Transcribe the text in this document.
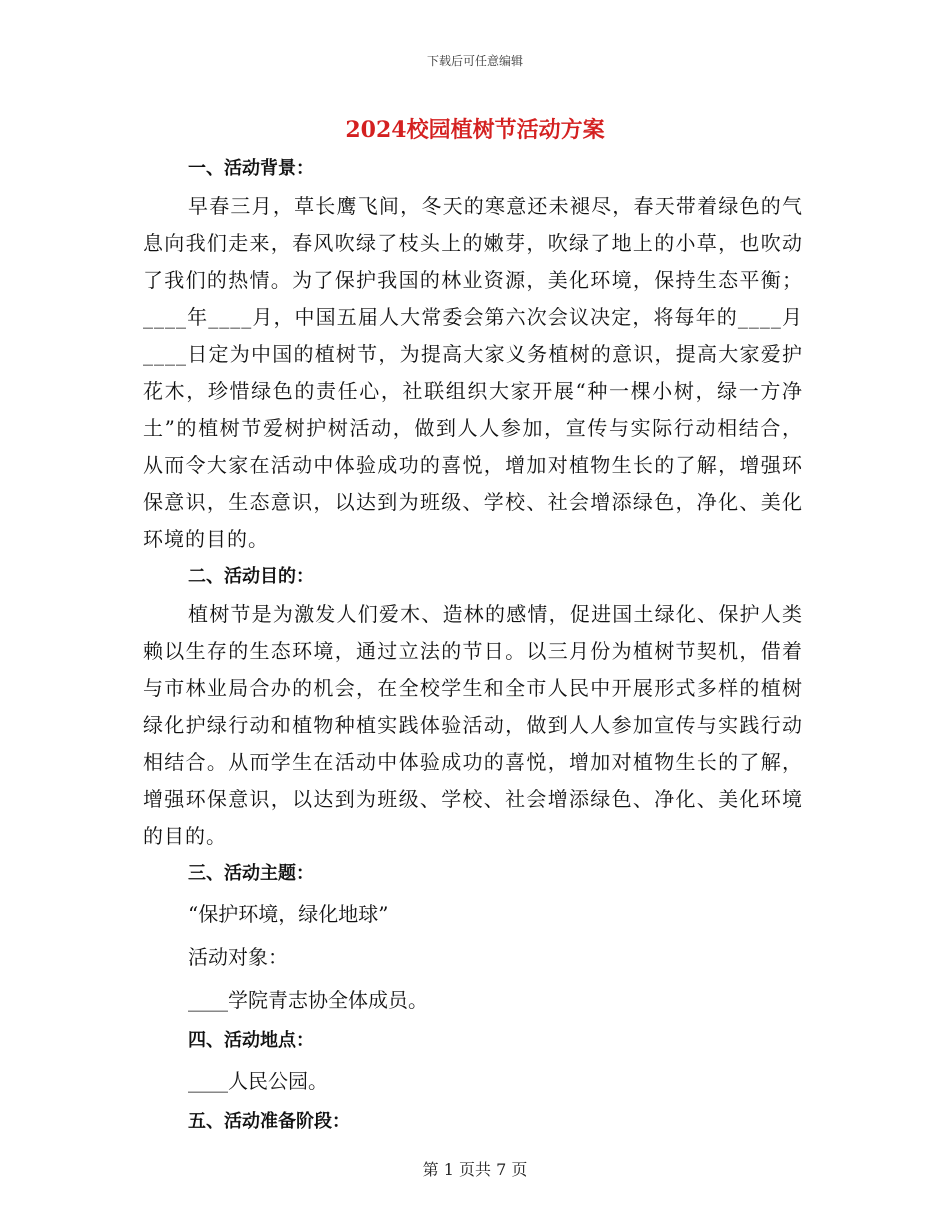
下载后可任意编辑
2024校园植树节活动方案

一、活动背景：

早春三月，草长鹰飞间，冬天的寒意还未褪尽，春天带着绿色的气息向我们走来，春风吹绿了枝头上的嫩芽，吹绿了地上的小草，也吹动了我们的热情。为了保护我国的林业资源，美化环境，保持生态平衡；____年____月，中国五届人大常委会第六次会议决定，将每年的____月____日定为中国的植树节，为提高大家义务植树的意识，提高大家爱护花木，珍惜绿色的责任心，社联组织大家开展“种一棵小树，绿一方净土”的植树节爱树护树活动，做到人人参加，宣传与实际行动相结合，从而令大家在活动中体验成功的喜悦，增加对植物生长的了解，增强环保意识，生态意识，以达到为班级、学校、社会增添绿色，净化、美化环境的目的。

二、活动目的：

植树节是为激发人们爱木、造林的感情，促进国土绿化、保护人类赖以生存的生态环境，通过立法的节日。以三月份为植树节契机，借着与市林业局合办的机会，在全校学生和全市人民中开展形式多样的植树绿化护绿行动和植物种植实践体验活动，做到人人参加宣传与实践行动相结合。从而学生在活动中体验成功的喜悦，增加对植物生长的了解，增强环保意识，以达到为班级、学校、社会增添绿色、净化、美化环境的目的。

三、活动主题：

“保护环境，绿化地球”

活动对象：

____学院青志协全体成员。

四、活动地点：

____人民公园。

五、活动准备阶段：

第 1 页共 7 页
